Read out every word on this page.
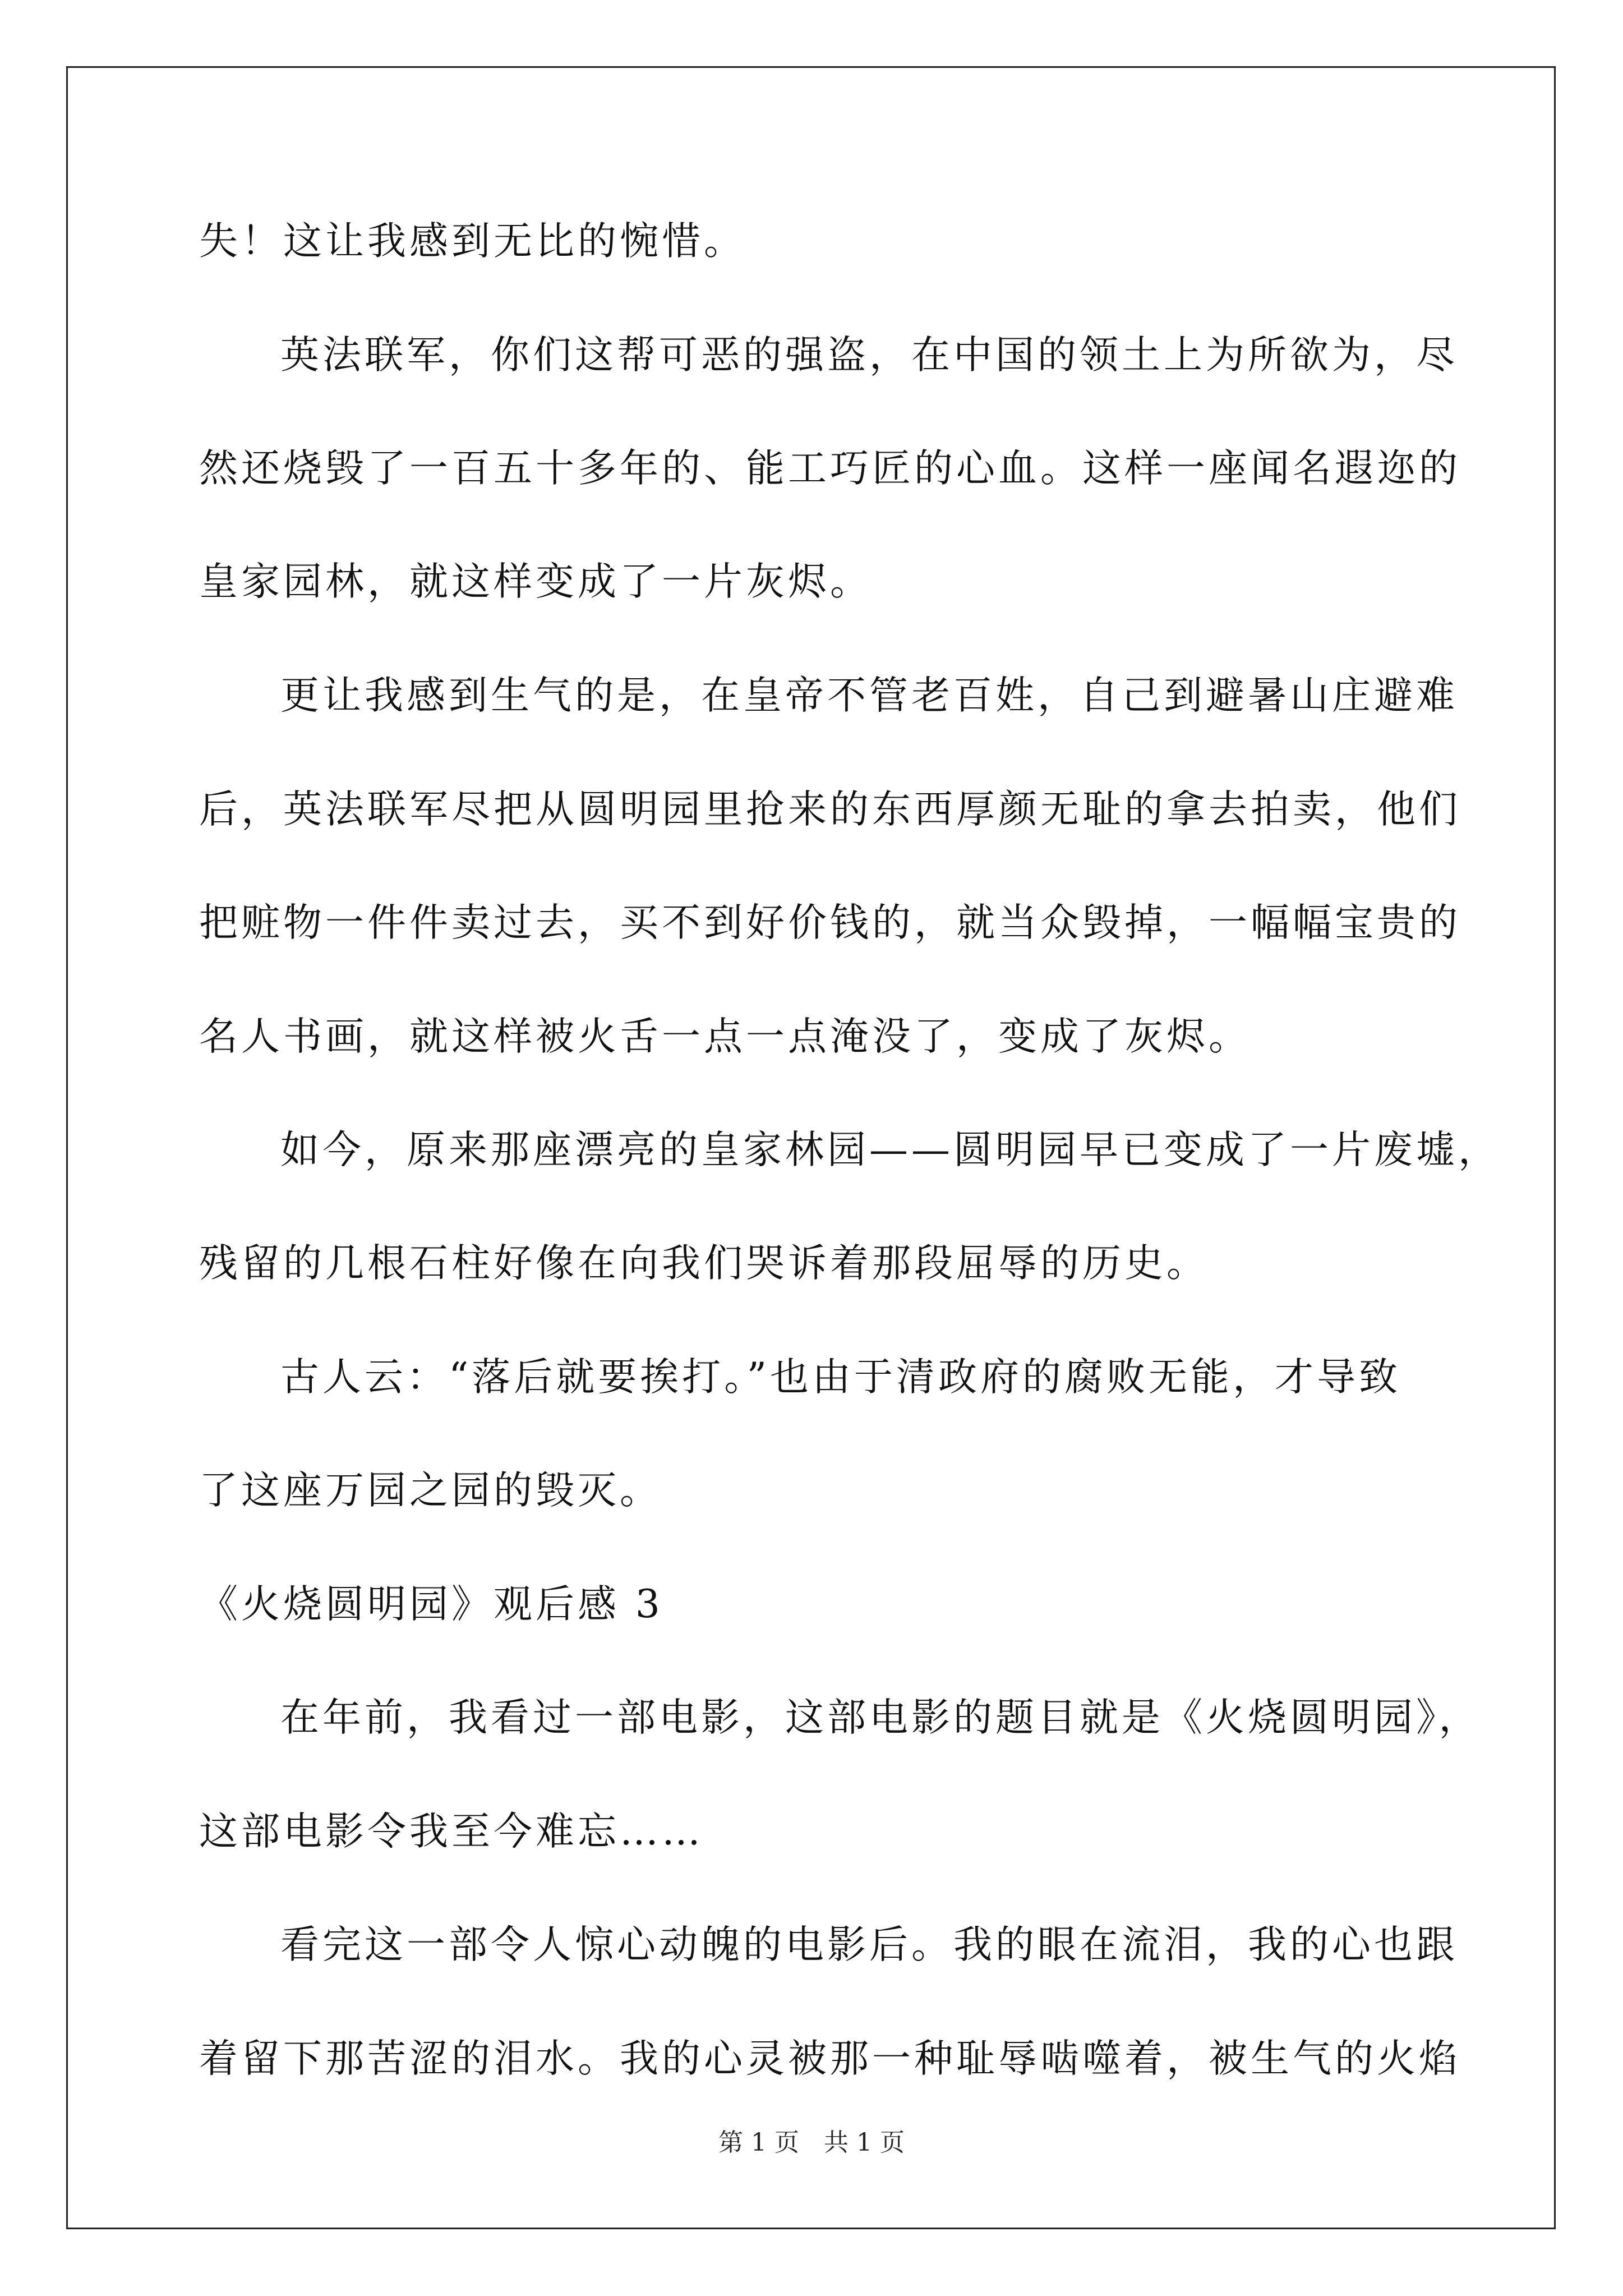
失！这让我感到无比的惋惜。
英法联军，你们这帮可恶的强盗，在中国的领土上为所欲为，尽
然还烧毁了一百五十多年的、能工巧匠的心血。这样一座闻名遐迩的
皇家园林，就这样变成了一片灰烬。
更让我感到生气的是，在皇帝不管老百姓，自己到避暑山庄避难
后，英法联军尽把从圆明园里抢来的东西厚颜无耻的拿去拍卖，他们
把赃物一件件卖过去，买不到好价钱的，就当众毁掉，一幅幅宝贵的
名人书画，就这样被火舌一点一点淹没了，变成了灰烬。
如今，原来那座漂亮的皇家林园——圆明园早已变成了一片废墟，
残留的几根石柱好像在向我们哭诉着那段屈辱的历史。
古人云：“落后就要挨打。”也由于清政府的腐败无能，才导致
了这座万园之园的毁灭。
《火烧圆明园》观后感 3
在年前，我看过一部电影，这部电影的题目就是《火烧圆明园》，
这部电影令我至今难忘……
看完这一部令人惊心动魄的电影后。我的眼在流泪，我的心也跟
着留下那苦涩的泪水。我的心灵被那一种耻辱啮噬着，被生气的火焰
第 1 页　共 1 页
